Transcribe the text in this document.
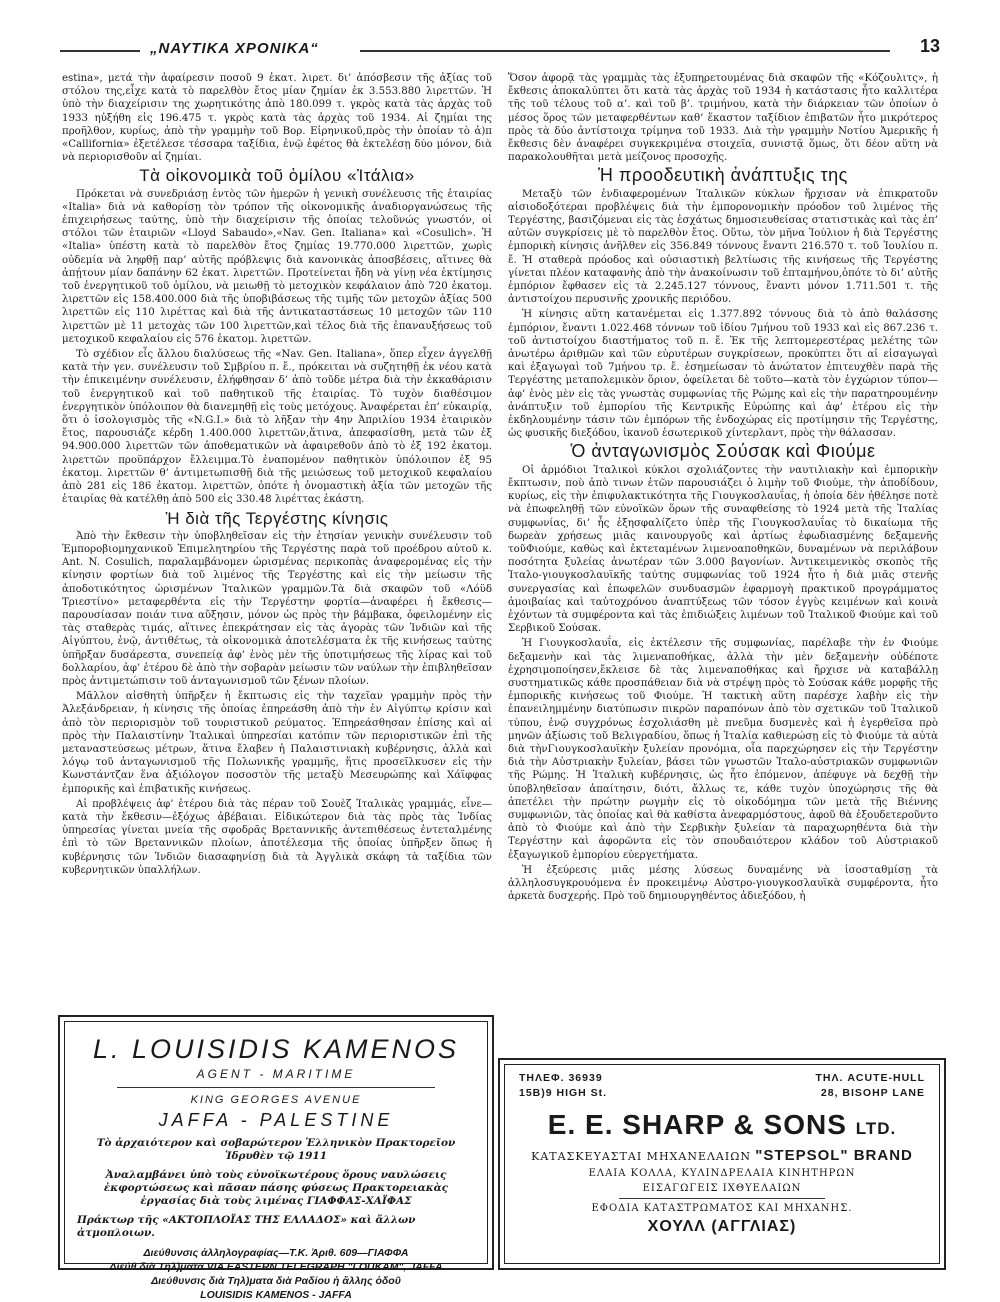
„ΝΑΥΤΙΚΑ ΧΡΟΝΙΚΑ“	13

estina», μετά τὴν ἀφαίρεσιν ποσοῦ 9 ἑκατ. λιρετ. δι’ ἀπόσβεσιν τῆς ἀξίας τοῦ στόλου της,εἶχε κατὰ τὸ παρελθὸν ἔτος μίαν ζημίαν ἐκ 3.553.880 λιρεττῶν. Ἡ ὑπὸ τὴν διαχείρισιν της χωρητικότης ἀπὸ 180.099 τ. γκρὸς κατὰ τὰς ἀρχὰς τοῦ 1933 ηὐξήθη εἰς 196.475 τ. γκρὸς κατὰ τὰς ἀρχὰς τοῦ 1934. Αἱ ζημίαι της προῆλθον, κυρίως, ἀπὸ τὴν γραμμὴν τοῦ Βορ. Εἰρηνικοῦ,πρὸς τὴν ὁποίαν τὸ ἀ)π «Calliforniα» ἐξετέλεσε τέσσαρα ταξίδια, ἐνῷ ἐφέτος θὰ ἐκτελέσῃ δύο μόνον, διὰ νὰ περιορισθοῦν αἱ ζημίαι.

Τὰ οἰκονομικὰ τοῦ ὁμίλου «Ἰτάλια»

Πρόκεται νὰ συνεδριάσῃ ἐντὸς τῶν ἡμερῶν ἡ γενικὴ συνέλευσις τῆς ἑταιρίας «Italia» διὰ νὰ καθορίσῃ τὸν τρόπον τῆς οἰκονομικῆς ἀναδιοργανώσεως τῆς ἐπιχειρήσεως ταύτης, ὑπὸ τὴν διαχείρισιν τῆς ὁποίας τελοῦνώς γνωστόν, οἱ στόλοι τῶν ἑταιριῶν «Lloyd Sabaudo»,«Nav. Gen. Italiana» καὶ «Cosulich». Ἡ «Italia» ὑπέστη κατὰ τὸ παρελθὸν ἔτος ζημίας 19.770.000 λιρεττῶν, χωρὶς οὐδεμία νὰ ληφθῇ παρ’ αὐτῆς πρόβλεψις διὰ κανονικὰς ἀποσβέσεις, αἵτινες θὰ ἀπῄτουν μίαν δαπάνην 62 ἑκατ. λιρεττῶν. Προτείνεται ἤδη νὰ γίνῃ νέα ἐκτίμησις τοῦ ἐνεργητικοῦ τοῦ ὁμίλου, νὰ μειωθῇ τὸ μετοχικὸν κεφάλαιον ἀπὸ 720 ἑκατομ. λιρεττῶν εἰς 158.400.000 διὰ τῆς ὑποβιβάσεως τῆς τιμῆς τῶν μετοχῶν ἀξίας 500 λιρεττῶν εἰς 110 λιρέττας καὶ διὰ τῆς ἀντικαταστάσεως 10 μετοχῶν τῶν 110 λιρεττῶν μὲ 11 μετοχὰς τῶν 100 λιρεττῶν,καὶ τέλος διὰ τῆς ἐπαναυξήσεως τοῦ μετοχικοῦ κεφαλαίου εἰς 576 ἑκατομ. λιρεττῶν.

Τὸ σχέδιον εἶς ἄλλου διαλύσεως τῆς «Nav. Gen. Italiana», ὅπερ εἶχεν ἀγγελθῇ κατὰ τὴν γεν. συνέλευσιν τοῦ Σμβρίου π. ἔ., πρόκειται νὰ συζητηθῇ ἐκ νέου κατὰ τὴν ἐπικειμένην συνέλευσιν, ἐλήφθησαν δ’ ἀπὸ τοῦδε μέτρα διὰ τὴν ἐκκαθάρισιν τοῦ ἐνεργητικοῦ καὶ τοῦ παθητικοῦ τῆς ἑταιρίας. Τὸ τυχὸν διαθέσιμον ἐνεργητικὸν ὑπόλοιπον θὰ διανεμηθῇ εἰς τοὺς μετόχους. Ἀναφέρεται ἐπ’ εὐκαιρίᾳ, ὅτι ὁ ἰσολογισμὸς τῆς «N.G.I.» διὰ τὸ λῆξαν τὴν 4ην Ἀπριλίου 1934 ἑταιρικὸν ἔτος, παρουσιάζε κέρδη 1.400.000 λιρεττῶν,ἅτινα, ἀπεφασίσθη, μετὰ τῶν ἐξ 94.900.000 λιρεττῶν τῶν ἀποθεματικῶν νὰ ἀφαιρεθοῦν ἀπὸ τὸ ἐξ 192 ἑκατομ. λιρεττῶν προϋπάρχον ἔλλειμμα.Τὸ ἐναπομένον παθητικὸν ὑπόλοιπον ἐξ 95 ἑκατομ. λιρεττῶν θ’ ἀντιμετωπισθῇ διὰ τῆς μειώσεως τοῦ μετοχικοῦ κεφαλαίου ἀπὸ 281 εἰς 186 ἑκατομ. λιρεττῶν, ὁπότε ἡ ὀνομαστικὴ ἀξία τῶν μετοχῶν τῆς ἑταιρίας θὰ κατέλθῃ ἀπὸ 500 εἰς 330.48 λιρέττας ἑκάστη.

Ἡ διὰ τῆς Τεργέστης κίνησις

Ἀπὸ τὴν ἔκθεσιν τὴν ὑποβληθεῖσαν εἰς τὴν ἐτησίαν γενικὴν συνέλευσιν τοῦ Ἐμποροβιομηχανικοῦ Ἐπιμελητηρίου τῆς Τεργέστης παρὰ τοῦ προέδρου αὐτοῦ κ. Ant. N. Cosulich, παραλαμβάνομεν ὡρισμένας περικοπὰς ἀναφερομένας εἰς τὴν κίνησιν φορτίων διὰ τοῦ λιμένος τῆς Τεργέστης καὶ εἰς τὴν μείωσιν τῆς ἀποδοτικότητος ὡρισμένων Ἰταλικῶν γραμμῶν.Τὰ διὰ σκαφῶν τοῦ «Λόϋδ Τριεστίνο» μεταφερθέντα εἰς τὴν Τεργέστην φορτία—ἀναφέρει ἡ ἔκθεσις—παρουσίασαν ποιάν τινα αὔξησιν, μόνον ὡς πρὸς τὴν βάμβακα, ὀφειλομένην εἰς τὰς σταθερὰς τιμάς, αἵτινες ἐπεκράτησαν εἰς τὰς ἀγορὰς τῶν Ἰνδιῶν καὶ τῆς Αἰγύπτου, ἐνῷ, ἀντιθέτως, τὰ οἰκονομικὰ ἀποτελέσματα ἐκ τῆς κινήσεως ταύτης ὑπῆρξαν δυσάρεστα, συνεπείᾳ ἀφ’ ἑνὸς μὲν τῆς ὑποτιμήσεως τῆς λίρας καὶ τοῦ δολλαρίου, ἀφ’ ἑτέρου δὲ ἀπὸ τὴν σοβαρὰν μείωσιν τῶν ναύλων τὴν ἐπιβληθεῖσαν πρὸς ἀντιμετώπισιν τοῦ ἀνταγωνισμοῦ τῶν ξένων πλοίων.

Μᾶλλον αἰσθητὴ ὑπῆρξεν ἡ ἔκπτωσις εἰς τὴν ταχεῖαν γραμμὴν πρὸς τὴν Ἀλεξάνδρειαν, ἡ κίνησις τῆς ὁποίας ἐπηρεάσθη ἀπὸ τὴν ἐν Αἰγύπτῳ κρίσιν καὶ ἀπὸ τὸν περιορισμὸν τοῦ τουριστικοῦ ρεύματος. Ἐπηρεάσθησαν ἐπίσης καὶ αἱ πρὸς τὴν Παλαιστίνην Ἰταλικαὶ ὑπηρεσίαι κατόπιν τῶν περιοριστικῶν ἐπὶ τῆς μεταναστεύσεως μέτρων, ἅτινα ἔλαβεν ἡ Παλαιστινιακὴ κυβέρνησις, ἀλλὰ καὶ λόγῳ τοῦ ἀνταγωνισμοῦ τῆς Πολωνικῆς γραμμῆς, ἥτις προσεῖλκυσεν εἰς τὴν Κωνστάντζαν ἕνα ἀξιόλογον ποσοστὸν τῆς μεταξὺ Μεσευρώπης καὶ Χάϊφφας ἐμπορικῆς καὶ ἐπιβατικῆς κινήσεως.

Αἱ προβλέψεις ἀφ’ ἑτέρου διὰ τὰς πέραν τοῦ Σουὲζ Ἰταλικὰς γραμμάς, εἶνε—κατὰ τὴν ἔκθεσιν—ἐξόχως ἀβέβαιαι. Εἰδικώτερον διὰ τὰς πρὸς τὰς Ἰνδίας ὑπηρεσίας γίνεται μνεία τῆς σφοδρᾶς Βρεταννικῆς ἀντεπιθέσεως ἐντεταλμένης ἐπὶ τὸ τῶν Βρεταννικῶν πλοίων, ἀποτέλεσμα τῆς ὁποίας ὑπῆρξεν ὅπως ἡ κυβέρνησις τῶν Ἰνδιῶν διασαφηνίσῃ διὰ τὰ Ἀγγλικὰ σκάφη τὰ ταξίδια τῶν κυβερνητικῶν ὑπαλλήλων.

Ὅσον ἀφορᾷ τὰς γραμμὰς τὰς ἐξυπηρετουμένας διὰ σκαφῶν τῆς «Κόζουλιτς», ἡ ἔκθεσις ἀποκαλύπτει ὅτι κατὰ τὰς ἀρχὰς τοῦ 1934 ἡ κατάστασις ἦτο καλλιτέρα τῆς τοῦ τέλους τοῦ α’. καὶ τοῦ β’. τριμήνου, κατὰ τὴν διάρκειαν τῶν ὁποίων ὁ μέσος ὅρος τῶν μεταφερθέντων καθ’ ἕκαστον ταξίδιον ἐπιβατῶν ἦτο μικρότερος πρὸς τὰ δύο ἀντίστοιχα τρίμηνα τοῦ 1933. Διὰ τὴν γραμμὴν Νοτίου Ἀμερικῆς ἡ ἔκθεσις δὲν ἀναφέρει συγκεκριμένα στοιχεῖα, συνιστᾷ ὅμως, ὅτι δέον αὕτη νὰ παρακολουθῆται μετὰ μείζονος προσοχῆς.

Ἡ προοδευτικὴ ἀνάπτυξις της

Μεταξὺ τῶν ἐνδιαφερομένων Ἰταλικῶν κύκλων ἤρχισαν νὰ ἐπικρατοῦν αἰσιοδοξότεραι προβλέψεις διὰ τὴν ἐμπορονομικὴν πρόοδον τοῦ λιμένος τῆς Τεργέστης, βασιζόμεναι εἰς τὰς ἐσχάτως δημοσιευθείσας στατιστικὰς καὶ τὰς ἐπ’ αὐτῶν συγκρίσεις μὲ τὸ παρελθὸν ἔτος. Οὕτω, τὸν μῆνα Ἰούλιον ἡ διὰ Τεργέστης ἐμπορικὴ κίνησις ἀνῆλθεν εἰς 356.849 τόννους ἔναντι 216.570 τ. τοῦ Ἰουλίου π. ἔ. Ἡ σταθερὰ πρόοδος καὶ οὐσιαστικὴ βελτίωσις τῆς κινήσεως τῆς Τεργέστης γίνεται πλέον καταφανὴς ἀπὸ τὴν ἀνακοίνωσιν τοῦ ἑπταμήνου,ὁπότε τὸ δι’ αὐτῆς ἐμπόριον ἔφθασεν εἰς τὰ 2.245.127 τόννους, ἔναντι μόνον 1.711.501 τ. τῆς ἀντιστοίχου περυσινῆς χρονικῆς περιόδου.

Ἡ κίνησις αὕτη κατανέμεται εἰς 1.377.892 τόννους διὰ τὸ ἀπὸ θαλάσσης ἐμπόριον, ἔναντι 1.022.468 τόννων τοῦ ἰδίου 7μήνου τοῦ 1933 καὶ εἰς 867.236 τ. τοῦ ἀντιστοίχου διαστήματος τοῦ π. ἔ. Ἐκ τῆς λεπτομερεστέρας μελέτης τῶν ἀνωτέρω ἀριθμῶν καὶ τῶν εὐρυτέρων συγκρίσεων, προκύπτει ὅτι αἱ εἰσαγωγαὶ καὶ ἐξαγωγαὶ τοῦ 7μήνου τρ. ἔ. ἐσημείωσαν τὸ ἀνώτατον ἐπιτευχθὲν παρὰ τῆς Τεργέστης μεταπολεμικὸν ὅριον, ὀφείλεται δὲ τοῦτο—κατὰ τὸν ἐγχώριον τύπον—ἀφ’ ἑνὸς μὲν εἰς τὰς γνωστὰς συμφωνίας τῆς Ρώμης καὶ εἰς τὴν παρατηρουμένην ἀνάπτυξιν τοῦ ἐμπορίου τῆς Κεντρικῆς Εὐρώπης καὶ ἀφ’ ἑτέρου εἰς τὴν ἐκδηλουμένην τάσιν τῶν ἐμπόρων τῆς ἐνδοχώρας εἰς προτίμησιν τῆς Τεργέστης, ὡς φυσικῆς διεξόδου, ἱκανοῦ ἐσωτερικοῦ χίντερλαντ, πρὸς τὴν θάλασσαν.

Ὁ ἀνταγωνισμὸς Σούσακ καὶ Φιούμε

Οἱ ἁρμόδιοι Ἰταλικοὶ κύκλοι σχολιάζοντες τὴν ναυτιλιακὴν καὶ ἐμπορικὴν ἔκπτωσιν, ποὺ ἀπὸ τινων ἐτῶν παρουσιάζει ὁ λιμὴν τοῦ Φιούμε, τὴν ἀποδίδουν, κυρίως, εἰς τὴν ἐπιφυλακτικότητα τῆς Γιουγκοσλαυΐας, ἡ ὁποία δὲν ἠθέλησε ποτὲ νὰ ἐπωφεληθῇ τῶν εὐνοϊκῶν ὅρων τῆς συναφθείσης τὸ 1924 μετὰ τῆς Ἰταλίας συμφωνίας, δι’ ἧς ἐξησφαλίζετο ὑπὲρ τῆς Γιουγκοσλαυΐας τὸ δικαίωμα τῆς δωρεὰν χρήσεως μιᾶς καινουργοῦς καὶ ἀρτίως ἐφωδιασμένης δεξαμενῆς τοῦΦιούμε, καθὼς καὶ ἐκτεταμένων λιμενοαποθηκῶν, δυναμένων νὰ περιλάβουν ποσότητα ξυλείας ἀνωτέραν τῶν 3.000 βαγονίων. Ἀντικειμενικὸς σκοπὸς τῆς Ἰταλο-γιουγκοσλαυϊκῆς ταύτης συμφωνίας τοῦ 1924 ἦτο ἡ διὰ μιᾶς στενῆς συνεργασίας καὶ ἐπωφελῶν συνδυασμῶν ἐφαρμογὴ πρακτικοῦ προγράμματος ἀμοιβαίας καὶ ταὐτοχρόνου ἀναπτύξεως τῶν τόσον ἐγγὺς κειμένων καὶ κοινὰ ἐχόντων τὰ συμφέροντα καὶ τὰς ἐπιδιώξεις λιμένων τοῦ Ἰταλικοῦ Φιούμε καὶ τοῦ Σερβικοῦ Σούσακ.

Ἡ Γιουγκοσλαυΐα, εἰς ἐκτέλεσιν τῆς συμφωνίας, παρέλαβε τὴν ἐν Φιούμε δεξαμενὴν καὶ τὰς λιμεναποθήκας, ἀλλὰ τὴν μὲν δεξαμενὴν οὐδέποτε ἐχρησιμοποίησεν,ἔκλεισε δὲ τὰς λιμεναποθήκας καὶ ἤρχισε νὰ καταβάλλῃ συστηματικῶς κάθε προσπάθειαν διὰ νὰ στρέψῃ πρὸς τὸ Σούσακ κάθε μορφῆς τῆς ἐμπορικῆς κινήσεως τοῦ Φιούμε. Ἡ τακτικὴ αὕτη παρέσχε λαβὴν εἰς τὴν ἐπανειλημμένην διατύπωσιν πικρῶν παραπόνων ἀπὸ τὸν σχετικῶν τοῦ Ἰταλικοῦ τύπου, ἐνῷ συγχρόνως ἐσχολιάσθη μὲ πνεῦμα δυσμενὲς καὶ ἡ ἐγερθεῖσα πρὸ μηνῶν ἀξίωσις τοῦ Βελιγραδίου, ὅπως ἡ Ἰταλία καθιερώσῃ εἰς τὸ Φιούμε τὰ αὐτὰ διὰ τὴνΓιουγκοσλαυϊκὴν ξυλείαν προνόμια, οἷα παρεχώρησεν εἰς τὴν Τεργέστην διὰ τὴν Αὐστριακὴν ξυλείαν, βάσει τῶν γνωστῶν Ἰταλο-αὐστριακῶν συμφωνιῶν τῆς Ρώμης. Ἡ Ἰταλικὴ κυβέρνησις, ὡς ἦτο ἑπόμενον, ἀπέφυγε νὰ δεχθῇ τὴν ὑποβληθεῖσαν ἀπαίτησιν, διότι, ἄλλως τε, κάθε τυχὸν ὑποχώρησις τῆς θὰ ἀπετέλει τὴν πρώτην ρωγμὴν εἰς τὸ οἰκοδόμημα τῶν μετὰ τῆς Βιέννης συμφωνιῶν, τὰς ὁποίας καὶ θὰ καθίστα ἀνεφαρμόστους, ἀφοῦ θὰ ἐξουδετεροῦντο ἀπὸ τὸ Φιούμε καὶ ἀπὸ τὴν Σερβικὴν ξυλείαν τὰ παραχωρηθέντα διὰ τὴν Τεργέστην καὶ ἀφορῶντα εἰς τὸν σπουδαιότερον κλάδον τοῦ Αὐστριακοῦ ἐξαγωγικοῦ ἐμπορίου εὐεργετήματα.

Ἡ ἐξεύρεσις μιᾶς μέσης λύσεως δυναμένης νὰ ἰσοσταθμίσῃ τὰ ἀλληλοσυγκρουόμενα ἐν προκειμένῳ Αὐστρο-γιουγκοσλαυϊκὰ συμφέροντα, ἦτο ἀρκετὰ δυσχερής. Πρὸ τοῦ δημιουργηθέντος ἀδιεξόδου, ἡ

L. LOUISIDIS KAMENOS
AGENT - MARITIME
KING GEORGES AVENUE
JAFFA - PALESTINE
Τὸ ἀρχαιότερον καὶ σοβαρώτερον Ἑλληνικὸν Πρακτορεῖον Ἱδρυθὲν τῷ 1911
Ἀναλαμβάνει ὑπὸ τοὺς εὐνοϊκωτέρους ὅρους ναυλώσεις ἐκφορτώσεως καὶ πᾶσαν πάσης φύσεως Πρακτορειακὰς ἐργασίας διὰ τοὺς λιμένας ΓΙΑΦΦΑΣ-ΧΑΪΦΑΣ
Πράκτωρ τῆς «ΑΚΤΟΠΛΟΪΑΣ ΤΗΣ ΕΛΛΑΔΟΣ» καὶ ἄλλων ἀτμοπλοιων.
Διεύθυνσις ἀλληλογραφίας—Τ.Κ. Ἀριθ. 609—ΓΙΑΦΦΑ
Διεύθ.διὰ Τηλ)ματα VIA EASTERN TELEGRAPH "LOUKAM", JAFFA
Διεύθυνσις διὰ Τηλ)ματα διὰ Ραδίου ἡ ἄλλης ὁδοῦ
LOUISIDIS KAMENOS - JAFFA
ΤΗΛΕΦ. 36939	ΤΗΛ. ACUTE-HULL
15Β)9 HIGH St.	28, BISOHP LANE
E. E. SHARP & SONS LTD.
ΚΑΤΑΣΚΕΥΑΣΤΑΙ ΜΗΧΑΝΕΛΑΙΩΝ "STEPSOL" BRAND
ΕΛΑΙΑ ΚΟΛΛΑ, ΚΥΛΙΝΔΡΕΛΑΙΑ ΚΙΝΗΤΗΡΩΝ
ΕΙΣΑΓΩΓΕΙΣ ΙΧΘΥΕΛΑΙΩΝ
ΕΦΟΔΙΑ ΚΑΤΑΣΤΡΩΜΑΤΟΣ ΚΑΙ ΜΗΧΑΝΗΣ.
ΧΟΥΛΛ (ΑΓΓΛΙΑΣ)
